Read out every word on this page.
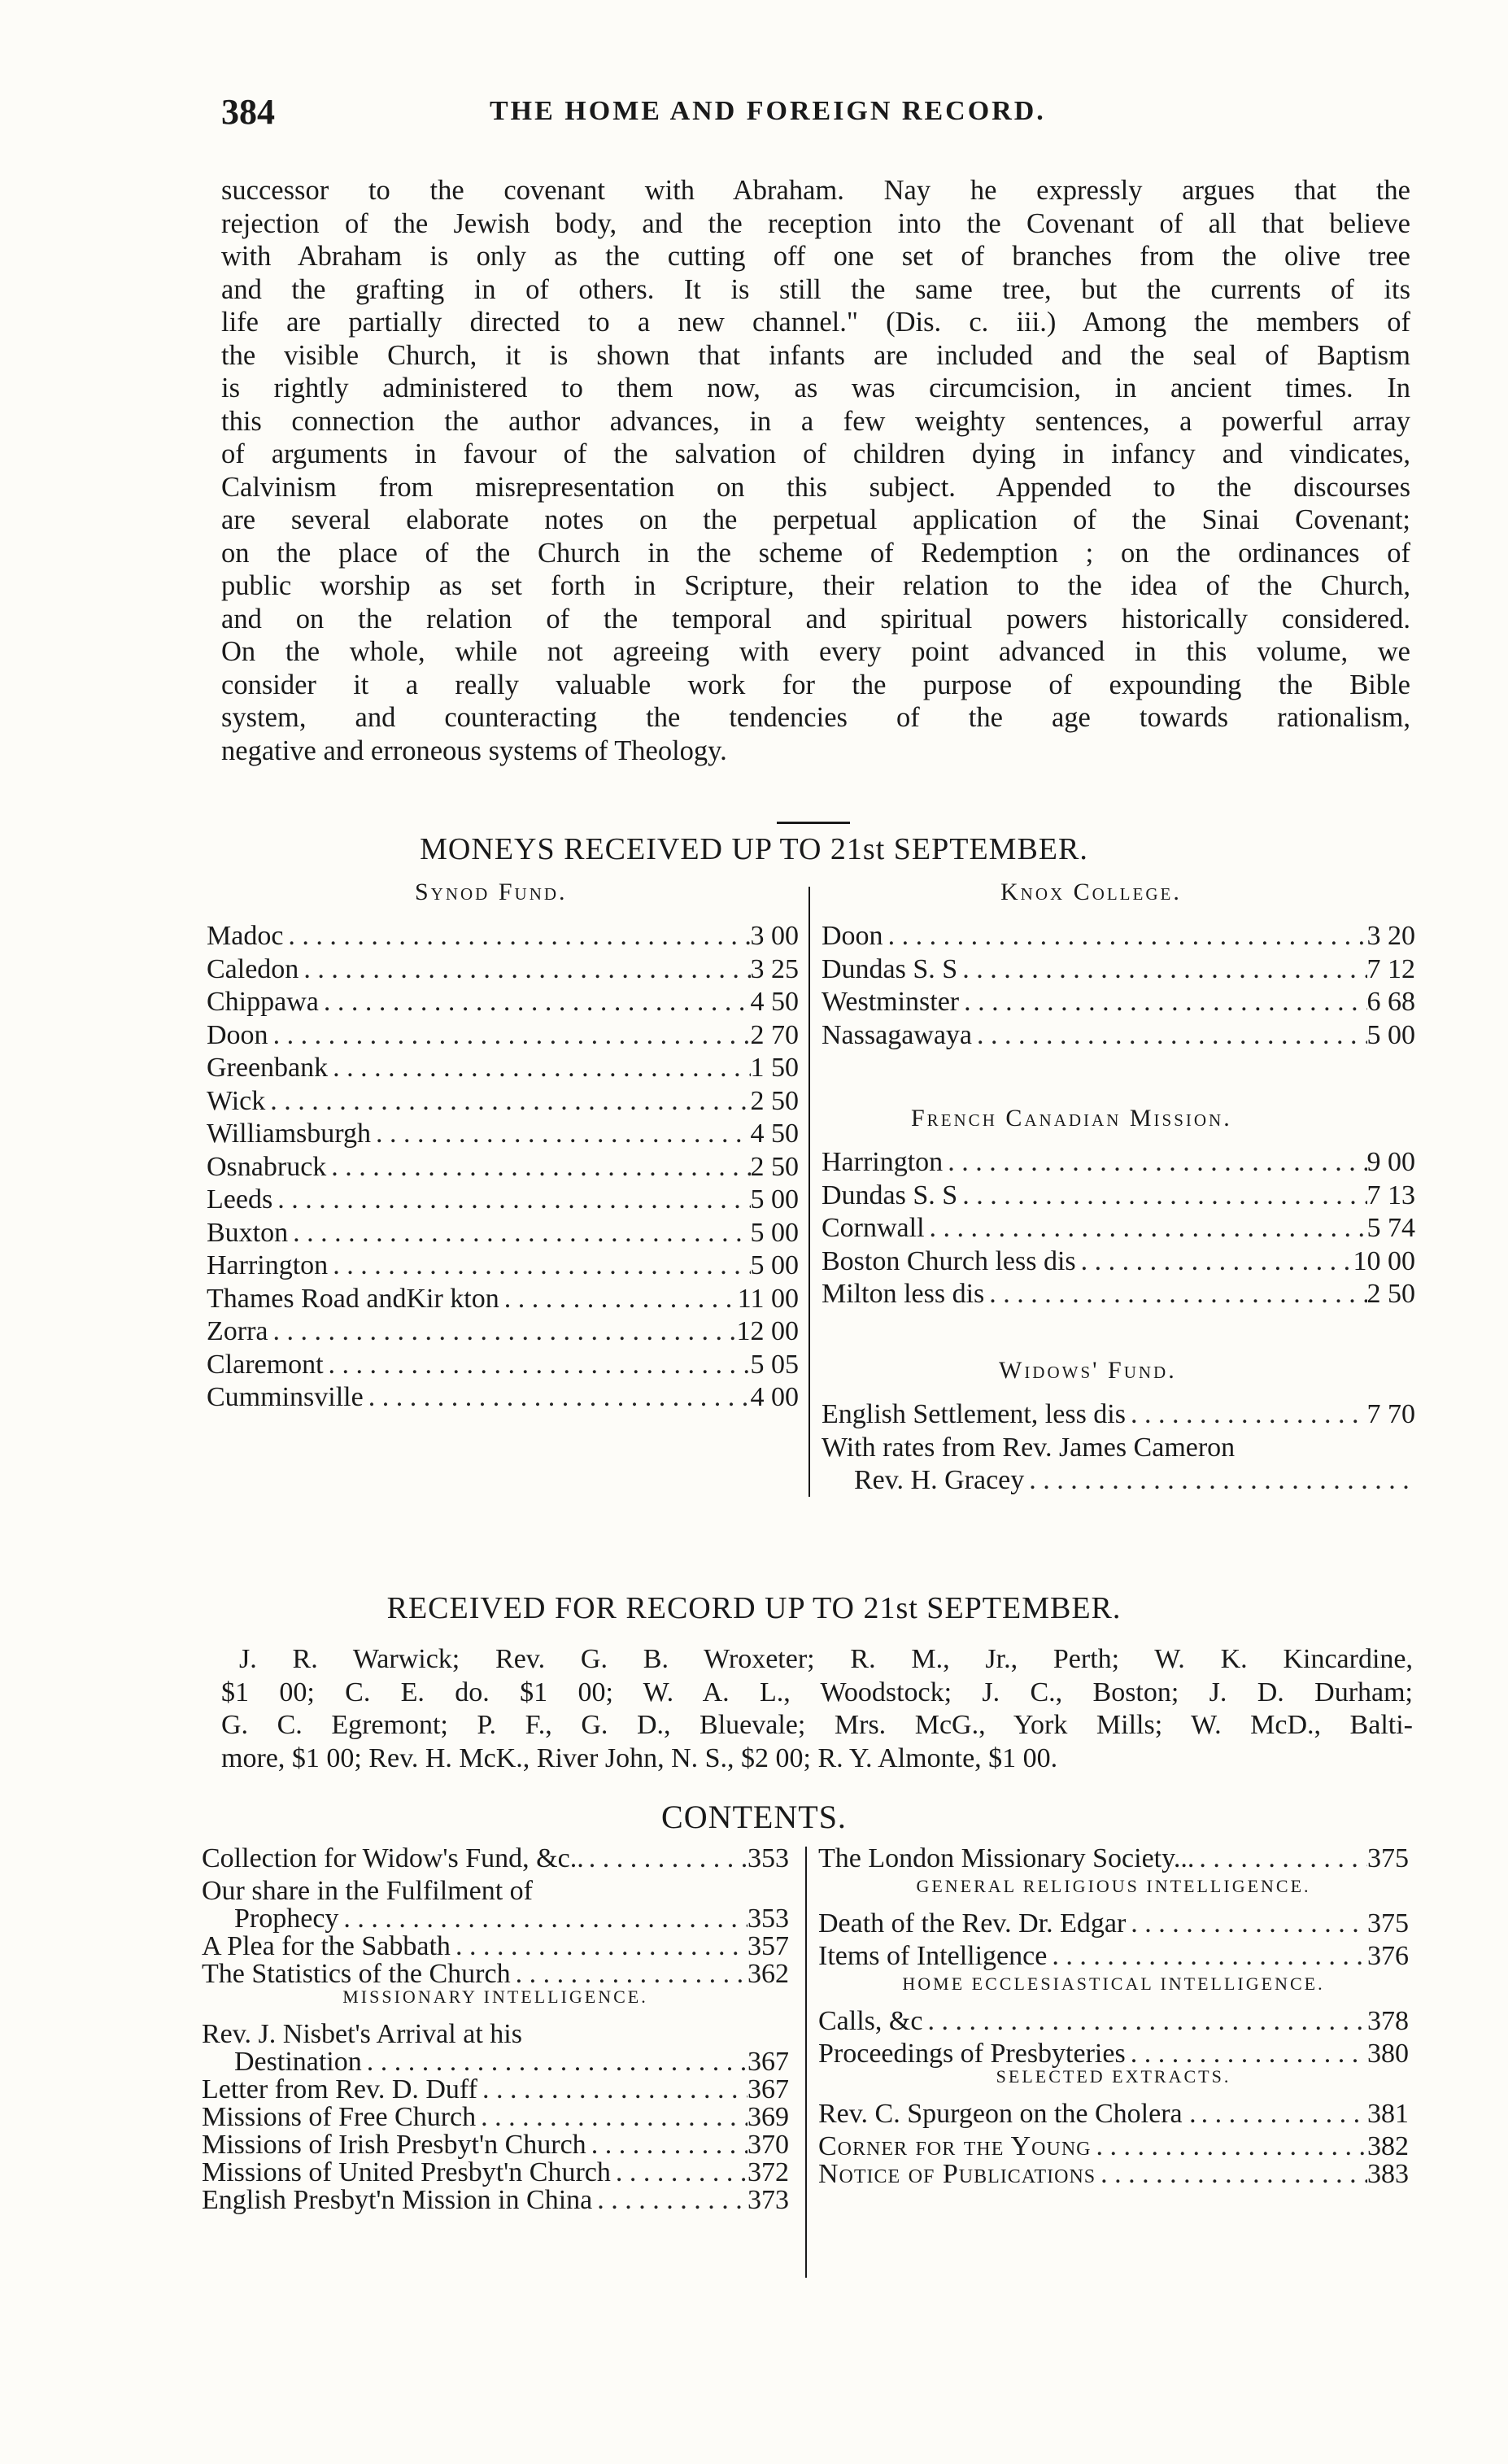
384	THE HOME AND FOREIGN RECORD.
successor to the covenant with Abraham. Nay he expressly argues that the
rejection of the Jewish body, and the reception into the Covenant of all that believe
with Abraham is only as the cutting off one set of branches from the olive tree
and the grafting in of others. It is still the same tree, but the currents of its
life are partially directed to a new channel." (Dis. c. iii.) Among the members of
the visible Church, it is shown that infants are included and the seal of Baptism
is rightly administered to them now, as was circumcision, in ancient times. In
this connection the author advances, in a few weighty sentences, a powerful array
of arguments in favour of the salvation of children dying in infancy and vindicates,
Calvinism from misrepresentation on this subject. Appended to the discourses
are several elaborate notes on the perpetual application of the Sinai Covenant;
on the place of the Church in the scheme of Redemption ; on the ordinances of
public worship as set forth in Scripture, their relation to the idea of the Church,
and on the relation of the temporal and spiritual powers historically considered.
On the whole, while not agreeing with every point advanced in this volume, we
consider it a really valuable work for the purpose of expounding the Bible
system, and counteracting the tendencies of the age towards rationalism,
negative and erroneous systems of Theology.
MONEYS RECEIVED UP TO 21st SEPTEMBER.
Synod Fund.	Knox College.
Madoc . . .	3 00
Caledon . . .	3 25
Chippawa . . .	4 50
Doon . . .	2 70
Greenbank . . .	1 50
Wick . . .	2 50
Williamsburgh . . .	4 50
Osnabruck . . .	2 50
Leeds . . .	5 00
Buxton . . .	5 00
Harrington . . .	5 00
Thames Road andKir kton . . .	11 00
Zorra . . .	12 00
Claremont . . .	5 05
Cumminsville . . .	4 00
Doon . . .	3 20
Dundas S. S . . .	7 12
Westminster . . .	6 68
Nassagawaya . . .	5 00
French Canadian Mission.
Harrington . . .	9 00
Dundas S. S . . .	7 13
Cornwall . . .	5 74
Boston Church less dis . . .	10 00
Milton less dis . . .	2 50
Widows' Fund.
English Settlement, less dis . . .	7 70
With rates from Rev. James Cameron
Rev. H. Gracey
. . .
RECEIVED FOR RECORD UP TO 21st SEPTEMBER.
J. R. Warwick; Rev. G. B. Wroxeter; R. M., Jr., Perth; W. K. Kincardine,
$1 00; C. E. do. $1 00; W. A. L., Woodstock; J. C., Boston; J. D. Durham;
G. C. Egremont; P. F., G. D., Bluevale; Mrs. McG., York Mills; W. McD., Balti-
more, $1 00; Rev. H. McK., River John, N. S., $2 00; R. Y. Almonte, $1 00.
CONTENTS.
Collection for Widow's Fund, &c.. . . .	353
Our share in the Fulfilment of
Prophecy . . .	353
A Plea for the Sabbath . . .	357
The Statistics of the Church . . .	362
MISSIONARY INTELLIGENCE.
Rev. J. Nisbet's Arrival at his
Destination . . .	367
Letter from Rev. D. Duff . . .	367
Missions of Free Church . . .	369
Missions of Irish Presbyt'n Church . . .	370
Missions of United Presbyt'n Church . . .	372
English Presbyt'n Mission in China . . .	373
The London Missionary Society... . . .	375
GENERAL RELIGIOUS INTELLIGENCE.
Death of the Rev. Dr. Edgar . . .	375
Items of Intelligence . . .	376
HOME ECCLESIASTICAL INTELLIGENCE.
Calls, &c . . .	378
Proceedings of Presbyteries . . .	380
SELECTED EXTRACTS.
Rev. C. Spurgeon on the Cholera . . . .	381
Corner for the Young . . .	382
Notice of Publications . . .	383
